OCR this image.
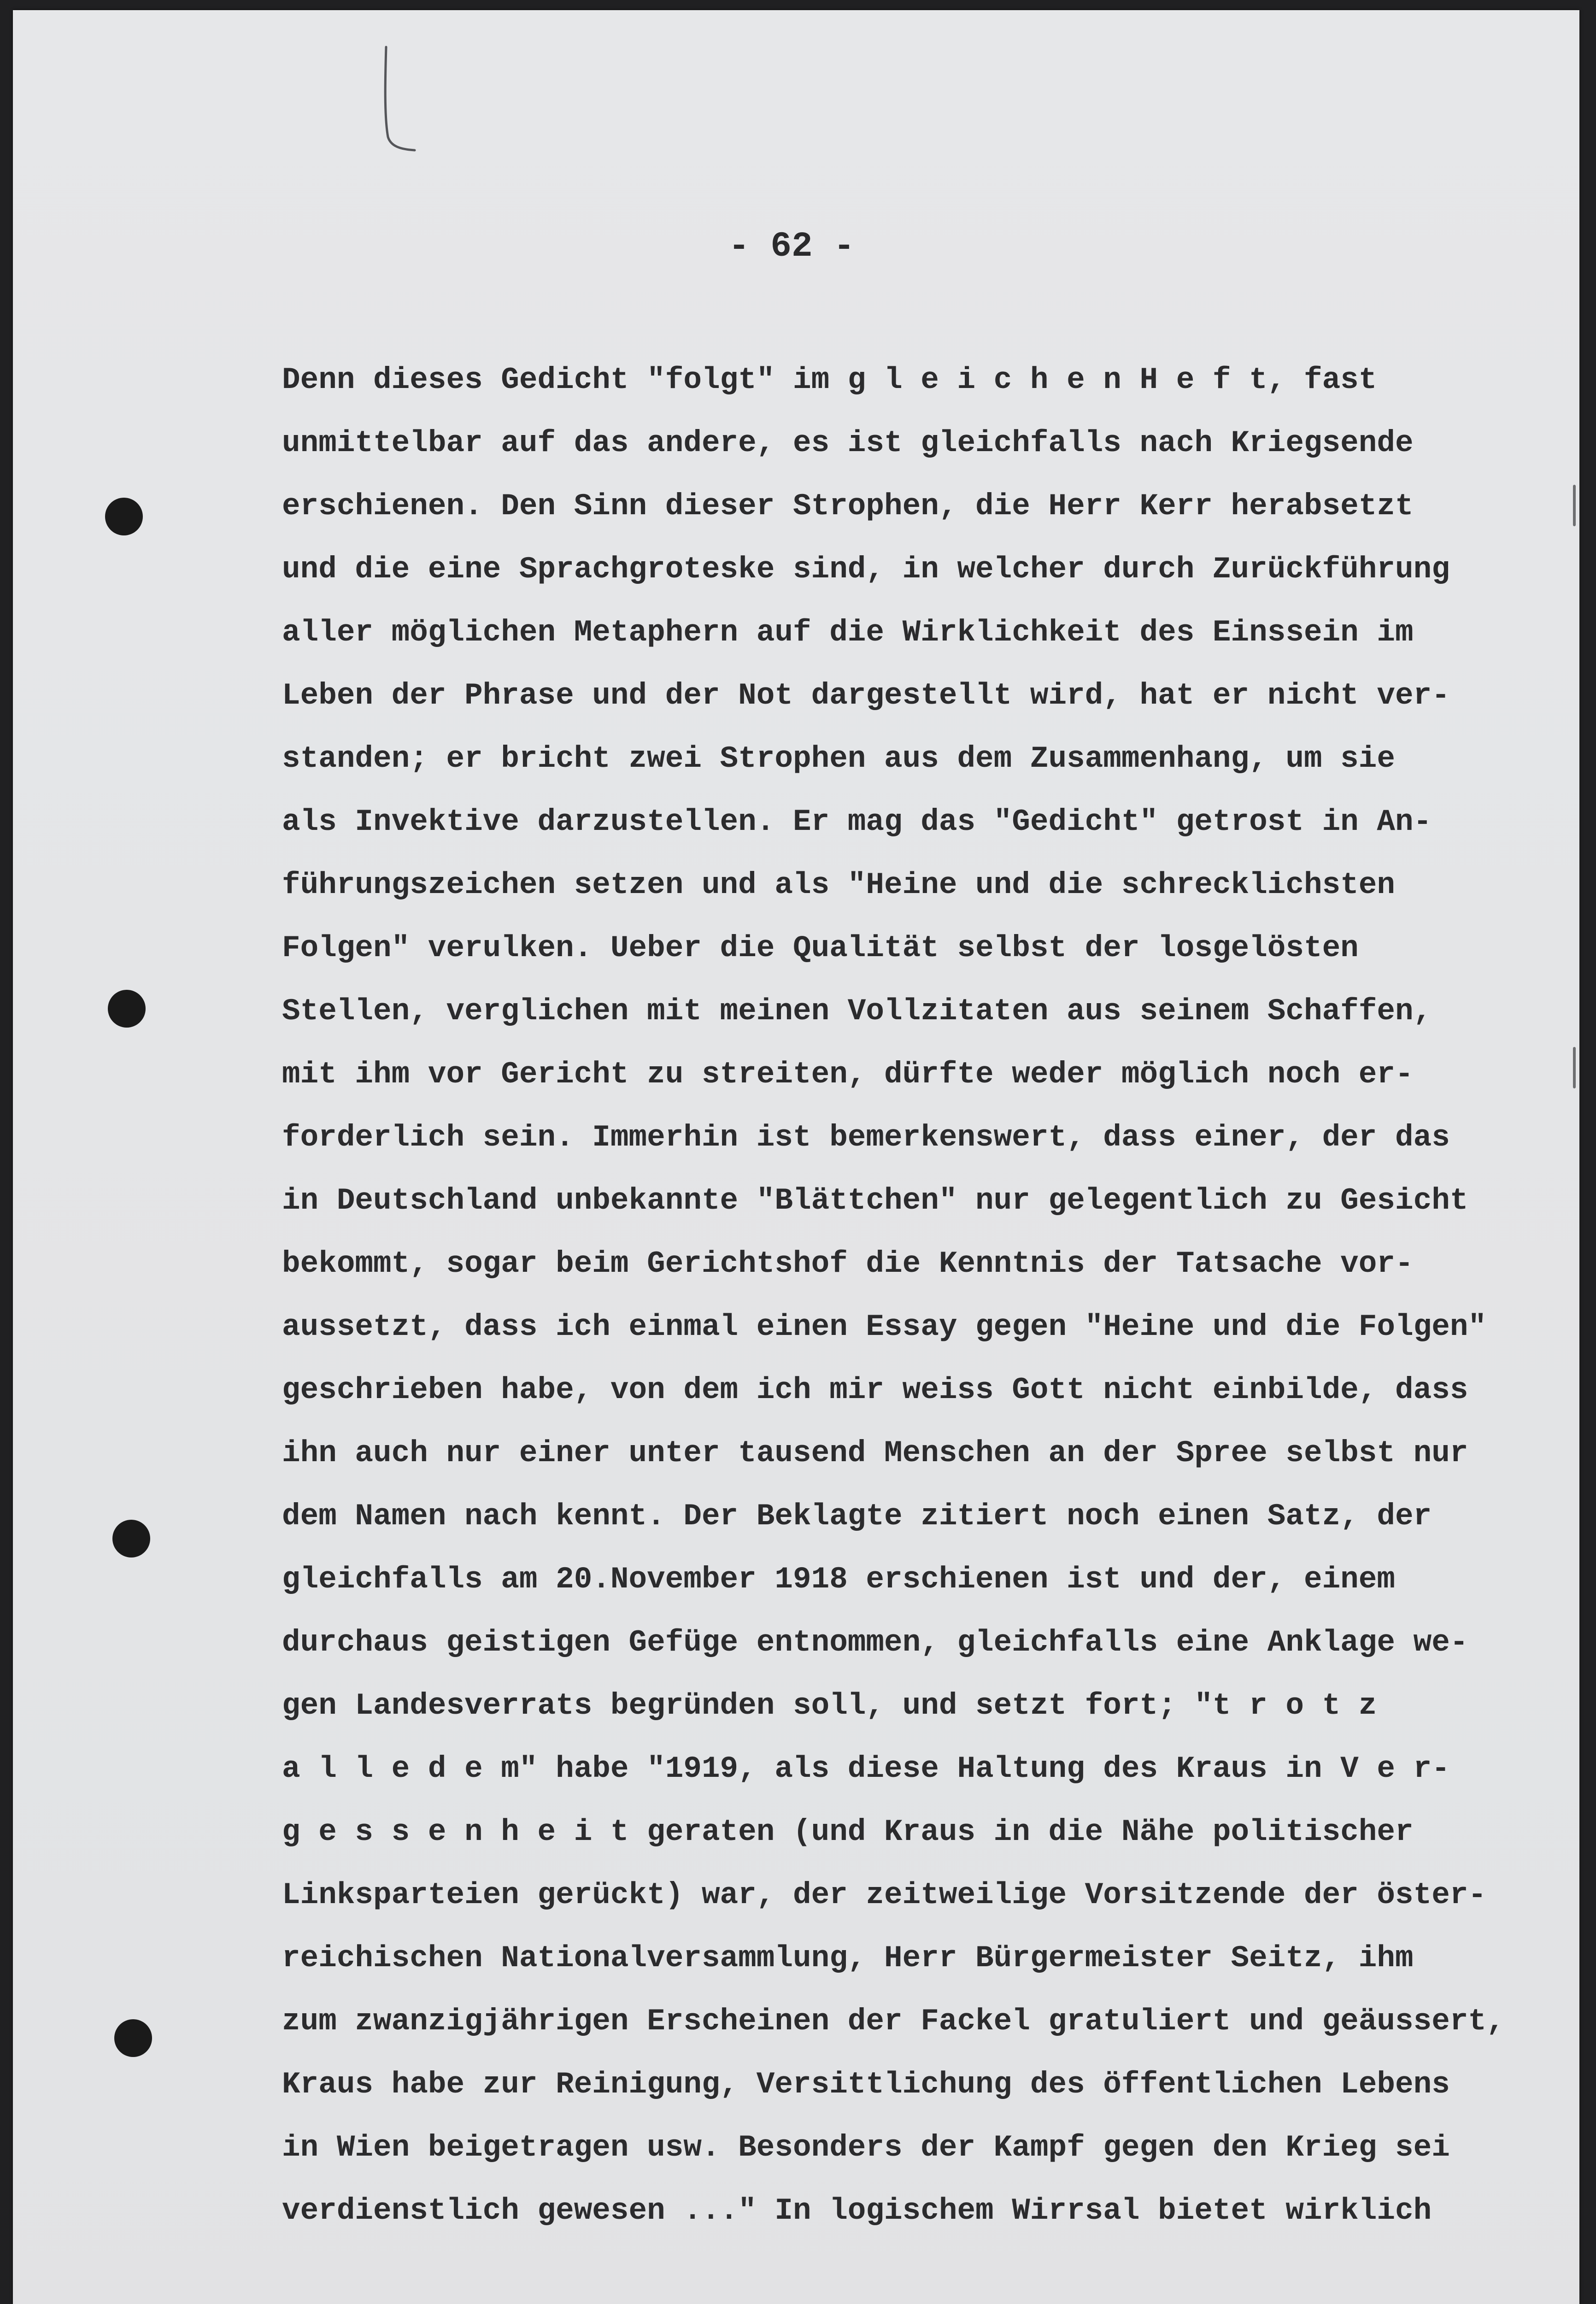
- 62 -
Denn dieses Gedicht "folgt" im g l e i c h e n H e f t, fast
unmittelbar auf das andere, es ist gleichfalls nach Kriegsende
erschienen. Den Sinn dieser Strophen, die Herr Kerr herabsetzt
und die eine Sprachgroteske sind, in welcher durch Zurückführung
aller möglichen Metaphern auf die Wirklichkeit des Einssein im
Leben der Phrase und der Not dargestellt wird, hat er nicht ver-
standen; er bricht zwei Strophen aus dem Zusammenhang, um sie
als Invektive darzustellen. Er mag das "Gedicht" getrost in An-
führungszeichen setzen und als "Heine und die schrecklichsten
Folgen" verulken. Ueber die Qualität selbst der losgelösten
Stellen, verglichen mit meinen Vollzitaten aus seinem Schaffen,
mit ihm vor Gericht zu streiten, dürfte weder möglich noch er-
forderlich sein. Immerhin ist bemerkenswert, dass einer, der das
in Deutschland unbekannte "Blättchen" nur gelegentlich zu Gesicht
bekommt, sogar beim Gerichtshof die Kenntnis der Tatsache vor-
aussetzt, dass ich einmal einen Essay gegen "Heine und die Folgen"
geschrieben habe, von dem ich mir weiss Gott nicht einbilde, dass
ihn auch nur einer unter tausend Menschen an der Spree selbst nur
dem Namen nach kennt. Der Beklagte zitiert noch einen Satz, der
gleichfalls am 20.November 1918 erschienen ist und der, einem
durchaus geistigen Gefüge entnommen, gleichfalls eine Anklage we-
gen Landesverrats begründen soll, und setzt fort; "t r o t z
a l l e d e m" habe "1919, als diese Haltung des Kraus in V e r-
g e s s e n h e i t geraten (und Kraus in die Nähe politischer
Linksparteien gerückt) war, der zeitweilige Vorsitzende der öster-
reichischen Nationalversammlung, Herr Bürgermeister Seitz, ihm
zum zwanzigjährigen Erscheinen der Fackel gratuliert und geäussert,
Kraus habe zur Reinigung, Versittlichung des öffentlichen Lebens
in Wien beigetragen usw. Besonders der Kampf gegen den Krieg sei
verdienstlich gewesen ..." In logischem Wirrsal bietet wirklich
